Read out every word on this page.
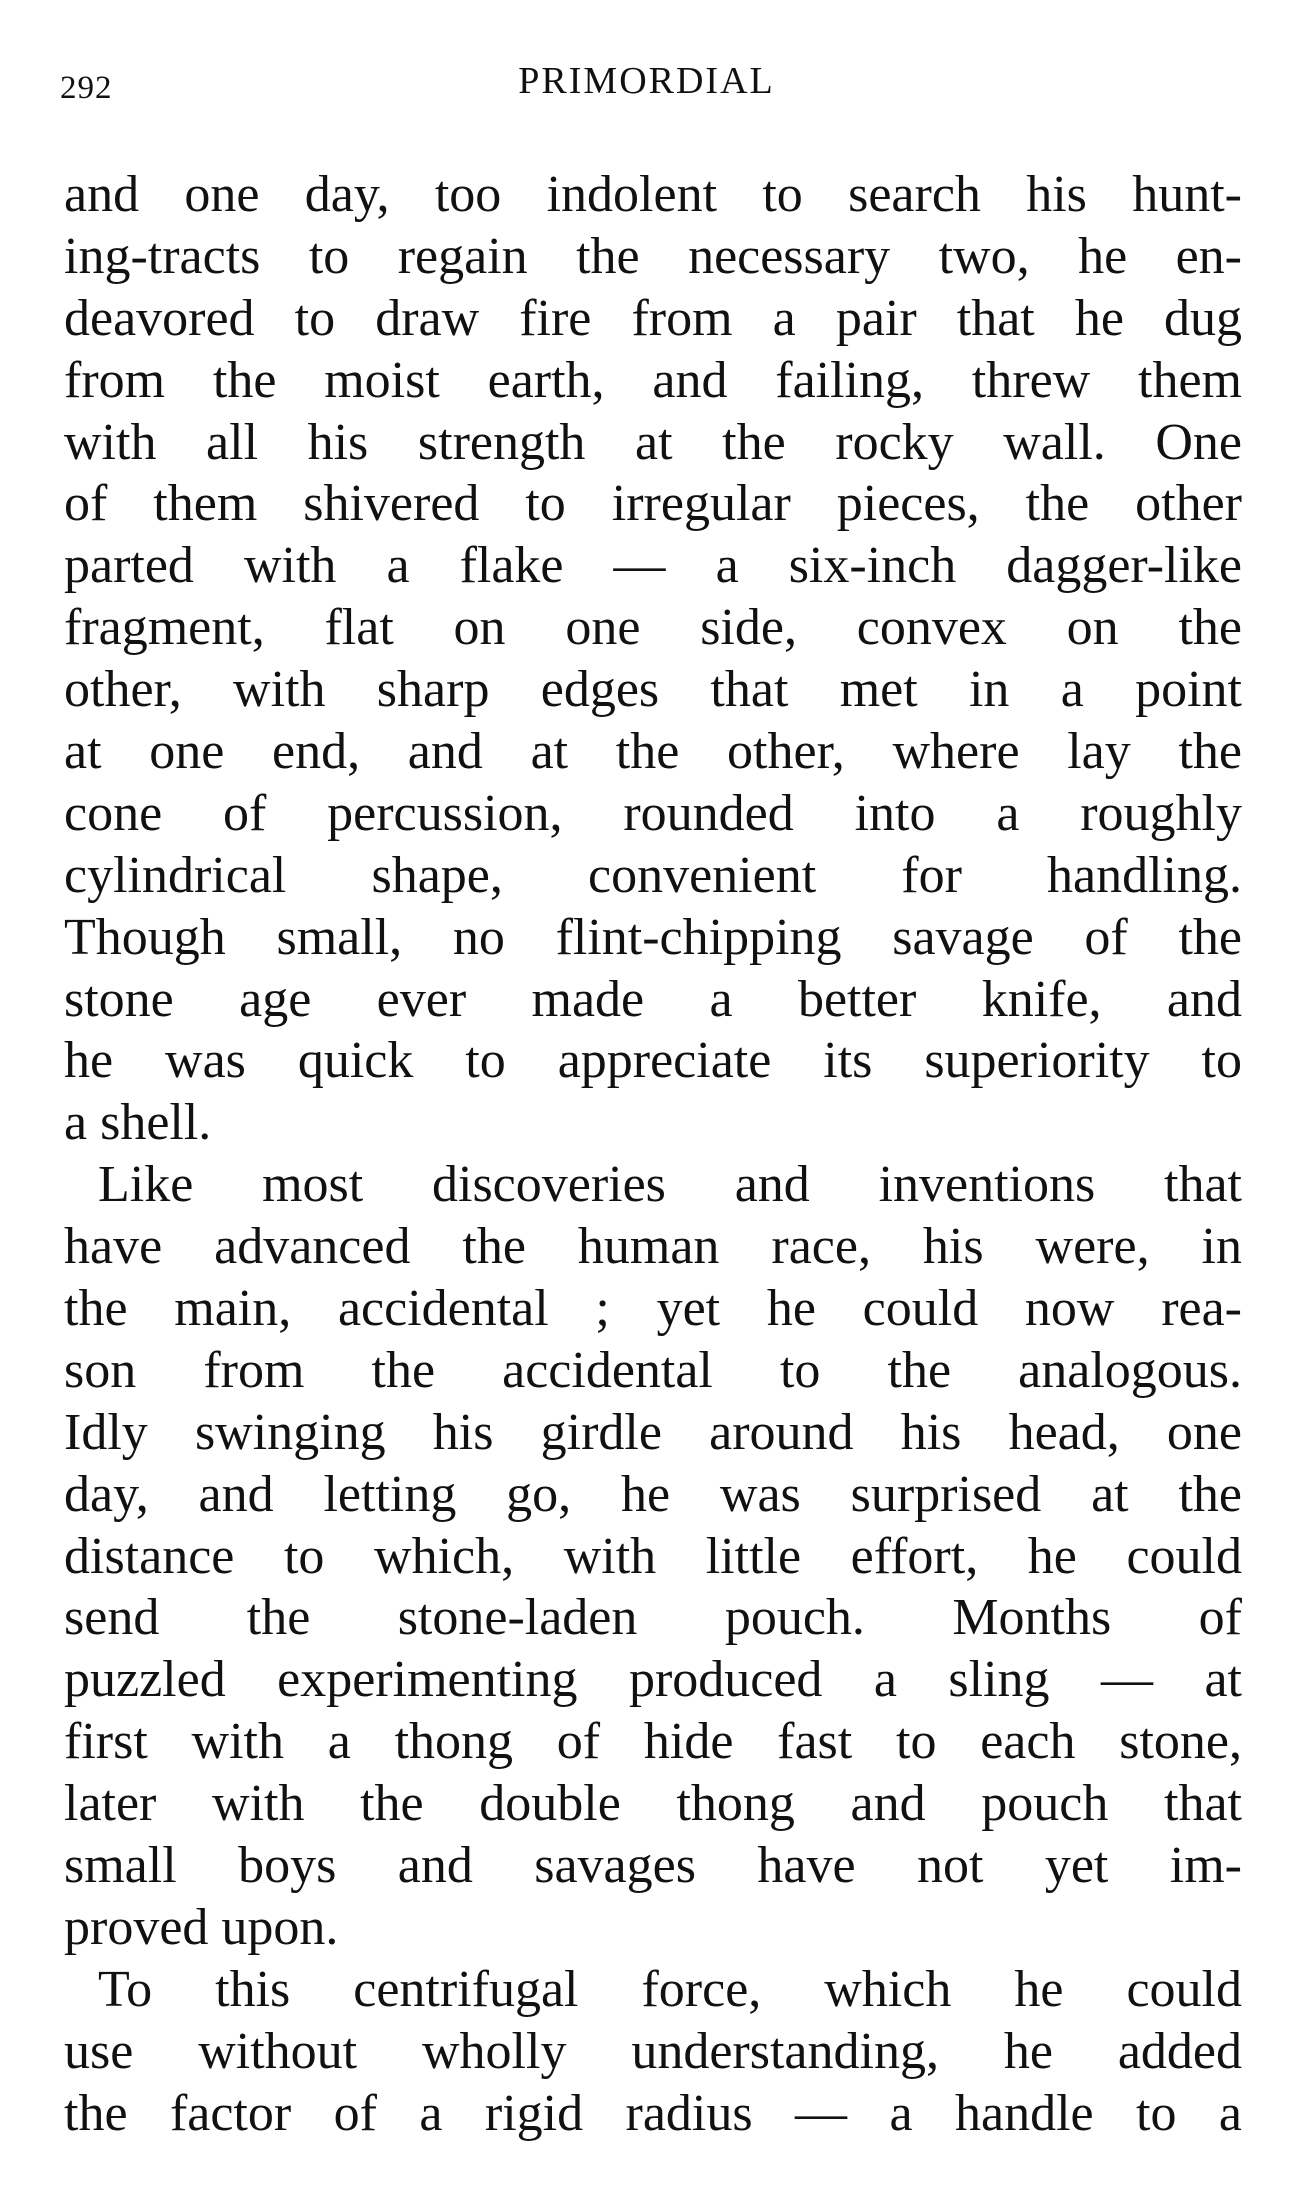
292	PRIMORDIAL
and one day, too indolent to search his hunt-
ing-tracts to regain the necessary two, he en-
deavored to draw fire from a pair that he dug
from the moist earth, and failing, threw them
with all his strength at the rocky wall. One
of them shivered to irregular pieces, the other
parted with a flake — a six-inch dagger-like
fragment, flat on one side, convex on the
other, with sharp edges that met in a point
at one end, and at the other, where lay the
cone of percussion, rounded into a roughly
cylindrical shape, convenient for handling.
Though small, no flint-chipping savage of the
stone age ever made a better knife, and
he was quick to appreciate its superiority to
a shell.
Like most discoveries and inventions that
have advanced the human race, his were, in
the main, accidental ; yet he could now rea-
son from the accidental to the analogous.
Idly swinging his girdle around his head, one
day, and letting go, he was surprised at the
distance to which, with little effort, he could
send the stone-laden pouch. Months of
puzzled experimenting produced a sling — at
first with a thong of hide fast to each stone,
later with the double thong and pouch that
small boys and savages have not yet im-
proved upon.
To this centrifugal force, which he could
use without wholly understanding, he added
the factor of a rigid radius — a handle to a
